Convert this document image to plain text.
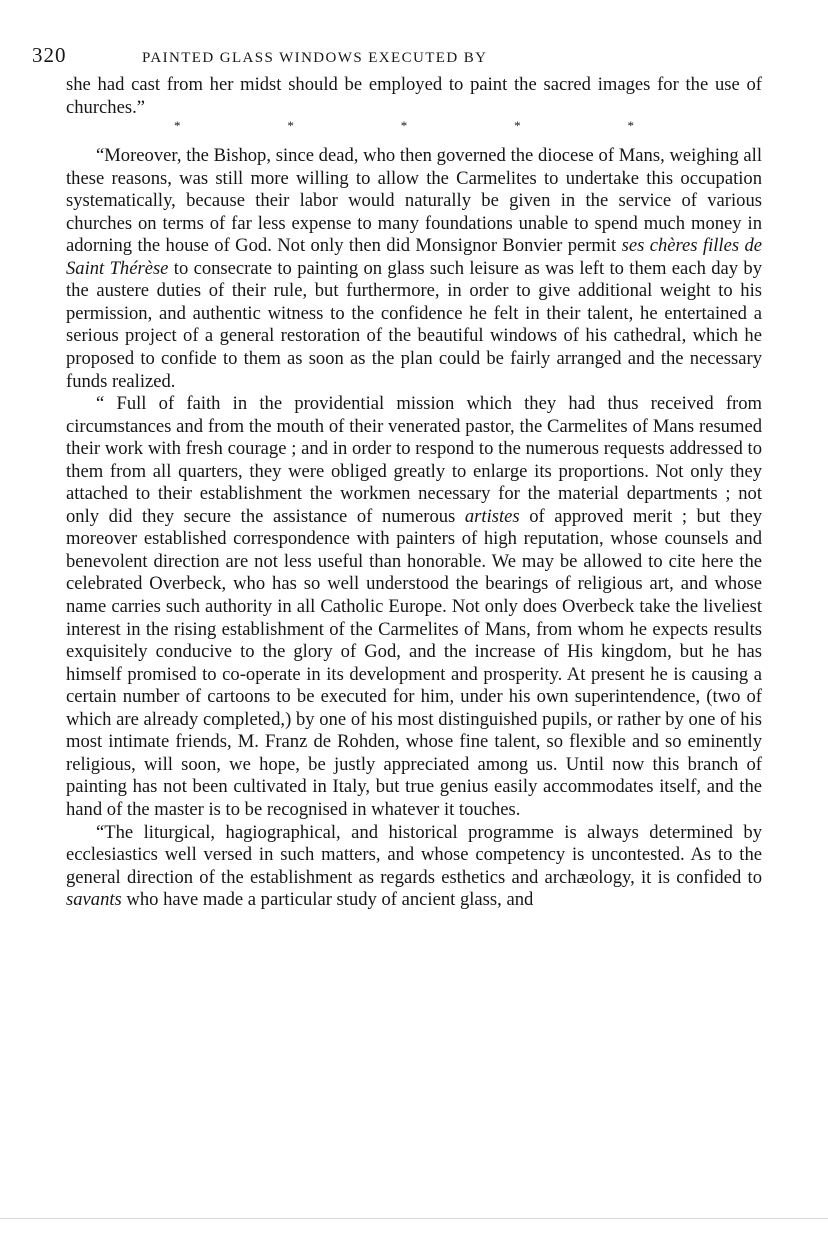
320	PAINTED GLASS WINDOWS EXECUTED BY

she had cast from her midst should be employed to paint the sacred images for the use of churches.”

*	*	*	*	*

“Moreover, the Bishop, since dead, who then governed the diocese of Mans, weighing all these reasons, was still more willing to allow the Carmelites to undertake this occupation systematically, because their labor would naturally be given in the service of various churches on terms of far less expense to many foundations unable to spend much money in adorning the house of God. Not only then did Monsignor Bonvier permit ses chères filles de Saint Thérèse to consecrate to painting on glass such leisure as was left to them each day by the austere duties of their rule, but furthermore, in order to give additional weight to his permission, and authentic witness to the confidence he felt in their talent, he entertained a serious project of a general restoration of the beautiful windows of his cathedral, which he proposed to confide to them as soon as the plan could be fairly arranged and the necessary funds realized.

“ Full of faith in the providential mission which they had thus received from circumstances and from the mouth of their venerated pastor, the Carmelites of Mans resumed their work with fresh courage ; and in order to respond to the numerous requests addressed to them from all quarters, they were obliged greatly to enlarge its proportions. Not only they attached to their establishment the workmen necessary for the material departments ; not only did they secure the assistance of numerous artistes of approved merit ; but they moreover established correspondence with painters of high reputation, whose counsels and benevolent direction are not less useful than honorable. We may be allowed to cite here the celebrated Overbeck, who has so well understood the bearings of religious art, and whose name carries such authority in all Catholic Europe. Not only does Overbeck take the liveliest interest in the rising establishment of the Carmelites of Mans, from whom he expects results exquisitely conducive to the glory of God, and the increase of His kingdom, but he has himself promised to co-operate in its development and prosperity. At present he is causing a certain number of cartoons to be executed for him, under his own superintendence, (two of which are already completed,) by one of his most distinguished pupils, or rather by one of his most intimate friends, M. Franz de Rohden, whose fine talent, so flexible and so eminently religious, will soon, we hope, be justly appreciated among us. Until now this branch of painting has not been cultivated in Italy, but true genius easily accommodates itself, and the hand of the master is to be recognised in whatever it touches.

“The liturgical, hagiographical, and historical programme is always determined by ecclesiastics well versed in such matters, and whose competency is uncontested. As to the general direction of the establishment as regards esthetics and archæology, it is confided to savants who have made a particular study of ancient glass, and
